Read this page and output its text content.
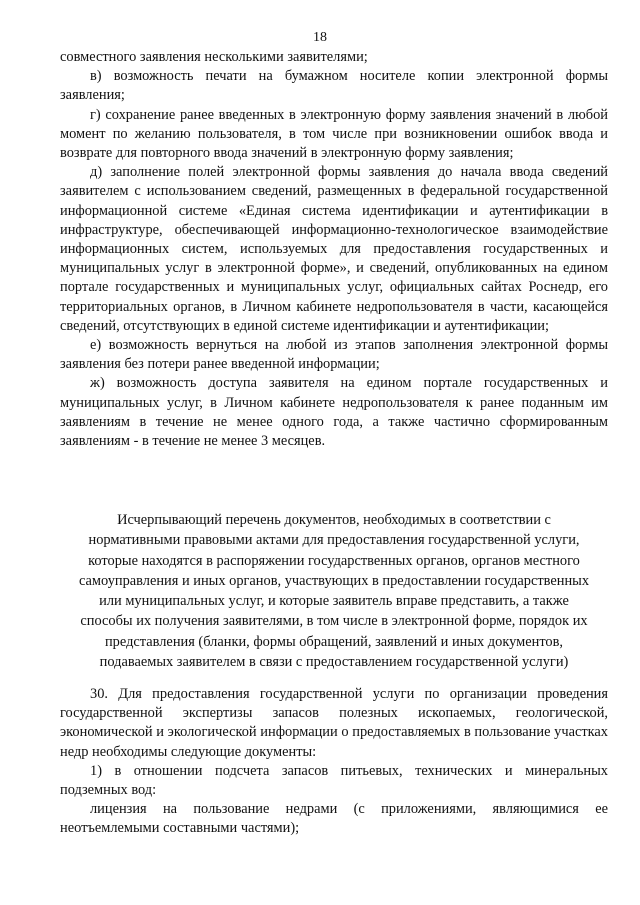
18

совместного заявления несколькими заявителями;

в) возможность печати на бумажном носителе копии электронной формы заявления;

г) сохранение ранее введенных в электронную форму заявления значений в любой момент по желанию пользователя, в том числе при возникновении ошибок ввода и возврате для повторного ввода значений в электронную форму заявления;

д) заполнение полей электронной формы заявления до начала ввода сведений заявителем с использованием сведений, размещенных в федеральной государственной информационной системе «Единая система идентификации и аутентификации в инфраструктуре, обеспечивающей информационно-технологическое взаимодействие информационных систем, используемых для предоставления государственных и муниципальных услуг в электронной форме», и сведений, опубликованных на едином портале государственных и муниципальных услуг, официальных сайтах Роснедр, его территориальных органов, в Личном кабинете недропользователя в части, касающейся сведений, отсутствующих в единой системе идентификации и аутентификации;

е) возможность вернуться на любой из этапов заполнения электронной формы заявления без потери ранее введенной информации;

ж) возможность доступа заявителя на едином портале государственных и муниципальных услуг, в Личном кабинете недропользователя к ранее поданным им заявлениям в течение не менее одного года, а также частично сформированным заявлениям - в течение не менее 3 месяцев.

Исчерпывающий перечень документов, необходимых в соответствии с
нормативными правовыми актами для предоставления государственной услуги,
которые находятся в распоряжении государственных органов, органов местного
самоуправления и иных органов, участвующих в предоставлении государственных
или муниципальных услуг, и которые заявитель вправе представить, а также
способы их получения заявителями, в том числе в электронной форме, порядок их
представления (бланки, формы обращений, заявлений и иных документов,
подаваемых заявителем в связи с предоставлением государственной услуги)

30. Для предоставления государственной услуги по организации проведения государственной экспертизы запасов полезных ископаемых, геологической, экономической и экологической информации о предоставляемых в пользование участках недр необходимы следующие документы:

1) в отношении подсчета запасов питьевых, технических и минеральных подземных вод:

лицензия на пользование недрами (с приложениями, являющимися ее неотъемлемыми составными частями);
